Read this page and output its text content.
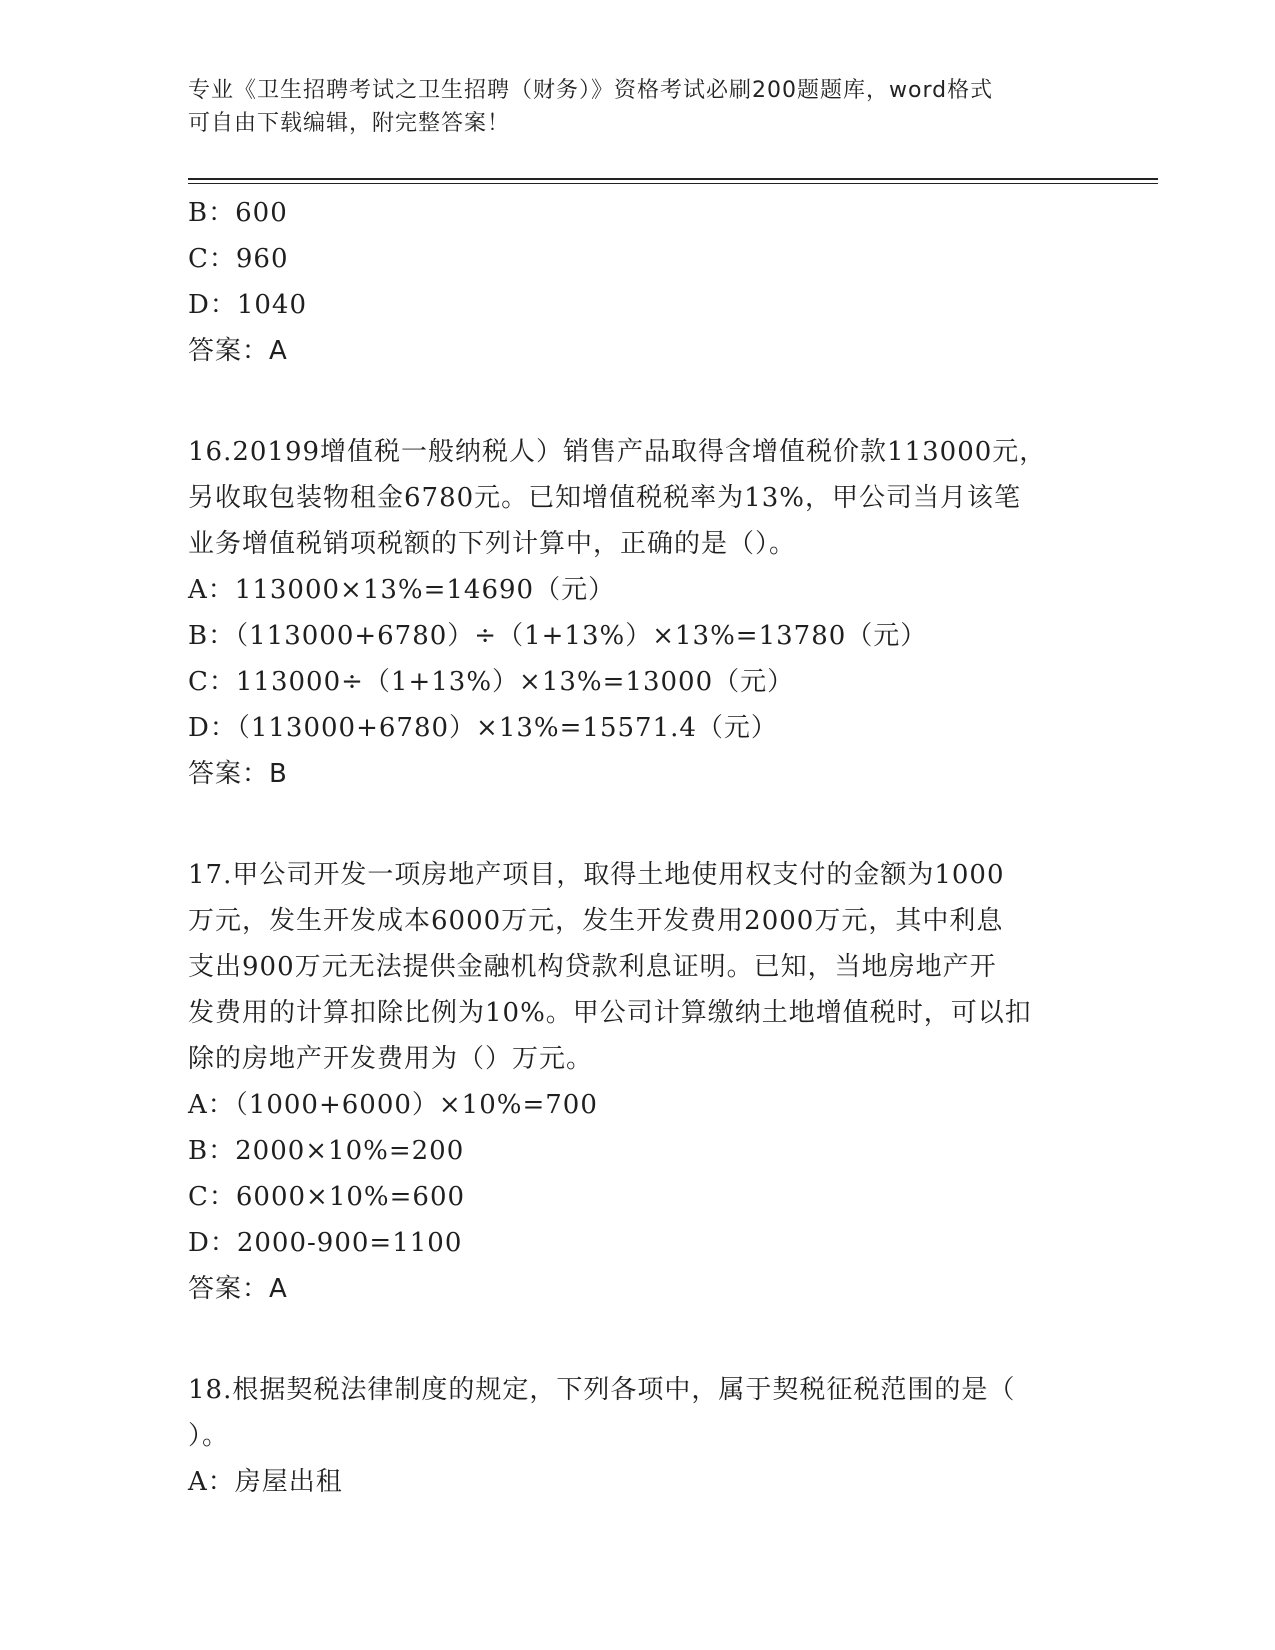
专业《卫生招聘考试之卫生招聘（财务）》资格考试必刷200题题库，word格式
可自由下载编辑，附完整答案！
B：600
C：960
D：1040
答案：A
16.20199增值税一般纳税人）销售产品取得含增值税价款113000元，
另收取包装物租金6780元。已知增值税税率为13%，甲公司当月该笔
业务增值税销项税额的下列计算中，正确的是（）。
A：113000×13%=14690（元）
B：（113000+6780）÷（1+13%）×13%=13780（元）
C：113000÷（1+13%）×13%=13000（元）
D：（113000+6780）×13%=15571.4（元）
答案：B
17.甲公司开发一项房地产项目，取得土地使用权支付的金额为1000
万元，发生开发成本6000万元，发生开发费用2000万元，其中利息
支出900万元无法提供金融机构贷款利息证明。已知，当地房地产开
发费用的计算扣除比例为10%。甲公司计算缴纳土地增值税时，可以扣
除的房地产开发费用为（）万元。
A：（1000+6000）×10%=700
B：2000×10%=200
C：6000×10%=600
D：2000-900=1100
答案：A
18.根据契税法律制度的规定，下列各项中，属于契税征税范围的是（
）。
A：房屋出租
